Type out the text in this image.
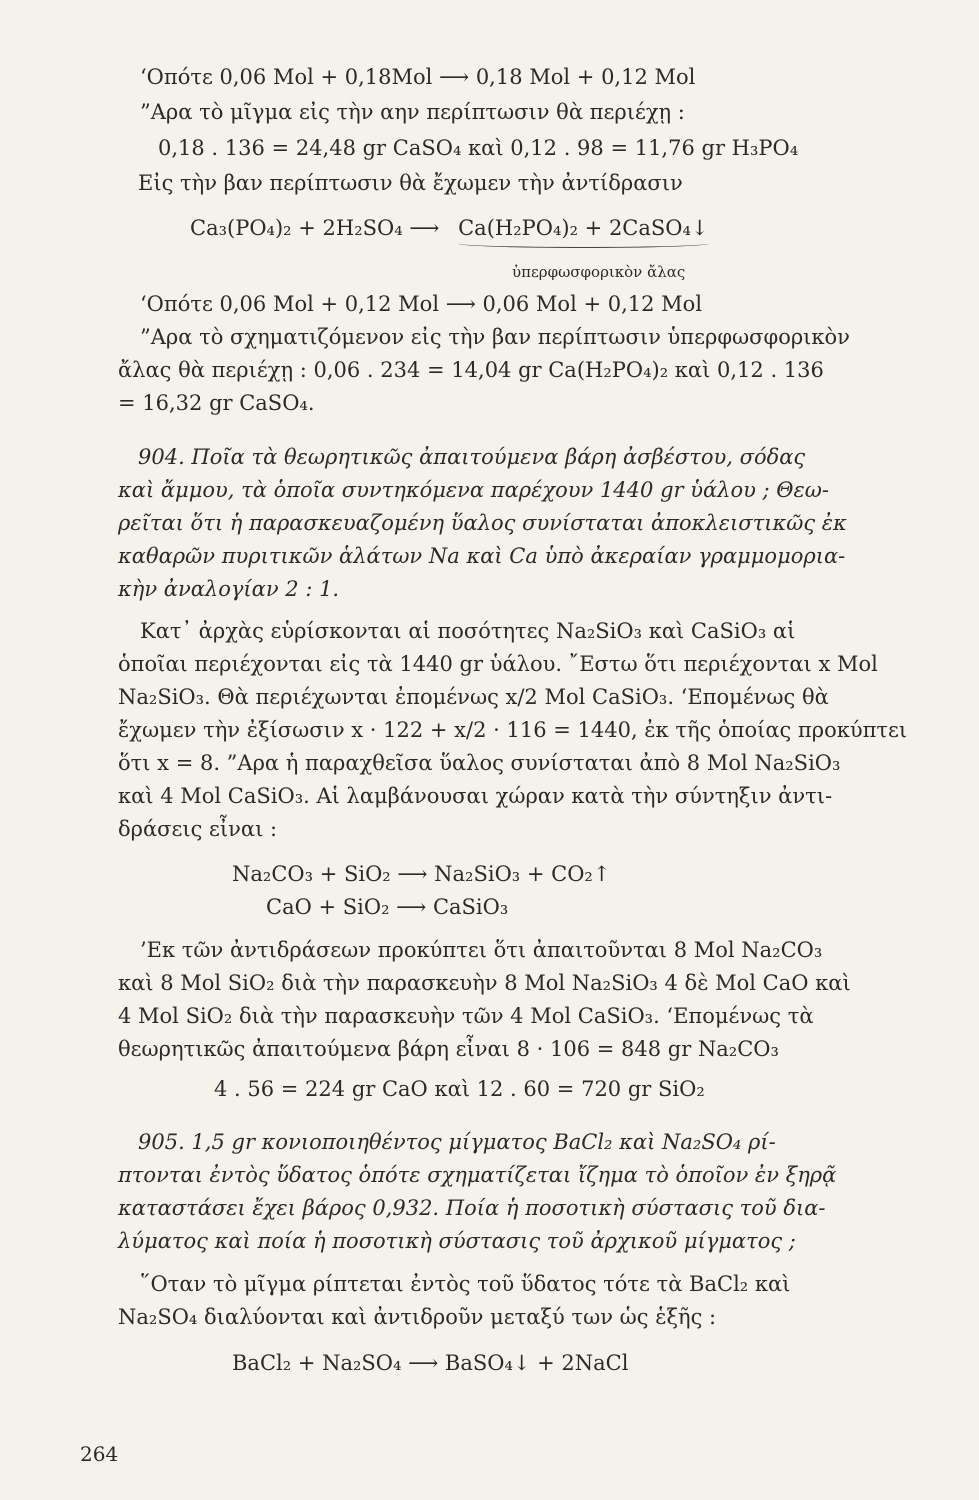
‘Οπότε 0,06 Mol + 0,18Mol ⟶ 0,18 Mol + 0,12 Mol
”Αρα τὸ μῖγμα εἰς τὴν αην περίπτωσιν θὰ περιέχῃ :
0,18 . 136 = 24,48 gr CaSO₄ καὶ 0,12 . 98 = 11,76 gr H₃PO₄
Εἰς τὴν βαν περίπτωσιν θὰ ἔχωμεν τὴν ἀντίδρασιν
Ca₃(PO₄)₂ + 2H₂SO₄ ⟶ Ca(H₂PO₄)₂ + 2CaSO₄↓
ὑπερφωσφορικὸν ἄλας
‘Οπότε 0,06 Mol + 0,12 Mol ⟶ 0,06 Mol + 0,12 Mol
”Αρα τὸ σχηματιζόμενον εἰς τὴν βαν περίπτωσιν ὑπερφωσφορικὸν
ἄλας θὰ περιέχῃ : 0,06 . 234 = 14,04 gr Ca(H₂PO₄)₂ καὶ 0,12 . 136
= 16,32 gr CaSO₄.
904. Ποῖα τὰ θεωρητικῶς ἀπαιτούμενα βάρη ἀσβέστου, σόδας
καὶ ἄμμου, τὰ ὁποῖα συντηκόμενα παρέχουν 1440 gr ὑάλου ; Θεω-
ρεῖται ὅτι ἡ παρασκευαζομένη ὕαλος συνίσταται ἀποκλειστικῶς ἐκ
καθαρῶν πυριτικῶν ἁλάτων Na καὶ Ca ὑπὸ ἀκεραίαν γραμμομορια-
κὴν ἀναλογίαν 2 : 1.
Κατ᾽ ἀρχὰς εὑρίσκονται αἱ ποσότητες Na₂SiO₃ καὶ CaSiO₃ αἱ
ὁποῖαι περιέχονται εἰς τὰ 1440 gr ὑάλου. ῎Εστω ὅτι περιέχονται x Mol
Na₂SiO₃. Θὰ περιέχωνται ἐπομένως x/2 Mol CaSiO₃. ‘Επομένως θὰ
ἔχωμεν τὴν ἐξίσωσιν x · 122 + x/2 · 116 = 1440, ἐκ τῆς ὁποίας προκύπτει
ὅτι x = 8. ”Αρα ἡ παραχθεῖσα ὕαλος συνίσταται ἀπὸ 8 Mol Na₂SiO₃
καὶ 4 Mol CaSiO₃. Αἱ λαμβάνουσαι χώραν κατὰ τὴν σύντηξιν ἀντι-
δράσεις εἶναι :
Na₂CO₃ + SiO₂ ⟶ Na₂SiO₃ + CO₂↑
CaO + SiO₂ ⟶ CaSiO₃
’Εκ τῶν ἀντιδράσεων προκύπτει ὅτι ἀπαιτοῦνται 8 Mol Na₂CO₃
καὶ 8 Mol SiO₂ διὰ τὴν παρασκευὴν 8 Mol Na₂SiO₃ 4 δὲ Mol CaO καὶ
4 Mol SiO₂ διὰ τὴν παρασκευὴν τῶν 4 Mol CaSiO₃. ‘Επομένως τὰ
θεωρητικῶς ἀπαιτούμενα βάρη εἶναι 8 · 106 = 848 gr Na₂CO₃
4 . 56 = 224 gr CaO καὶ 12 . 60 = 720 gr SiO₂
905. 1,5 gr κονιοποιηθέντος μίγματος BaCl₂ καὶ Na₂SO₄ ρί-
πτονται ἐντὸς ὕδατος ὁπότε σχηματίζεται ἴζημα τὸ ὁποῖον ἐν ξηρᾷ
καταστάσει ἔχει βάρος 0,932. Ποία ἡ ποσοτικὴ σύστασις τοῦ δια-
λύματος καὶ ποία ἡ ποσοτικὴ σύστασις τοῦ ἀρχικοῦ μίγματος ;
῞Οταν τὸ μῖγμα ρίπτεται ἐντὸς τοῦ ὕδατος τότε τὰ BaCl₂ καὶ
Na₂SO₄ διαλύονται καὶ ἀντιδροῦν μεταξύ των ὡς ἑξῆς :
BaCl₂ + Na₂SO₄ ⟶ BaSO₄↓ + 2NaCl
264
